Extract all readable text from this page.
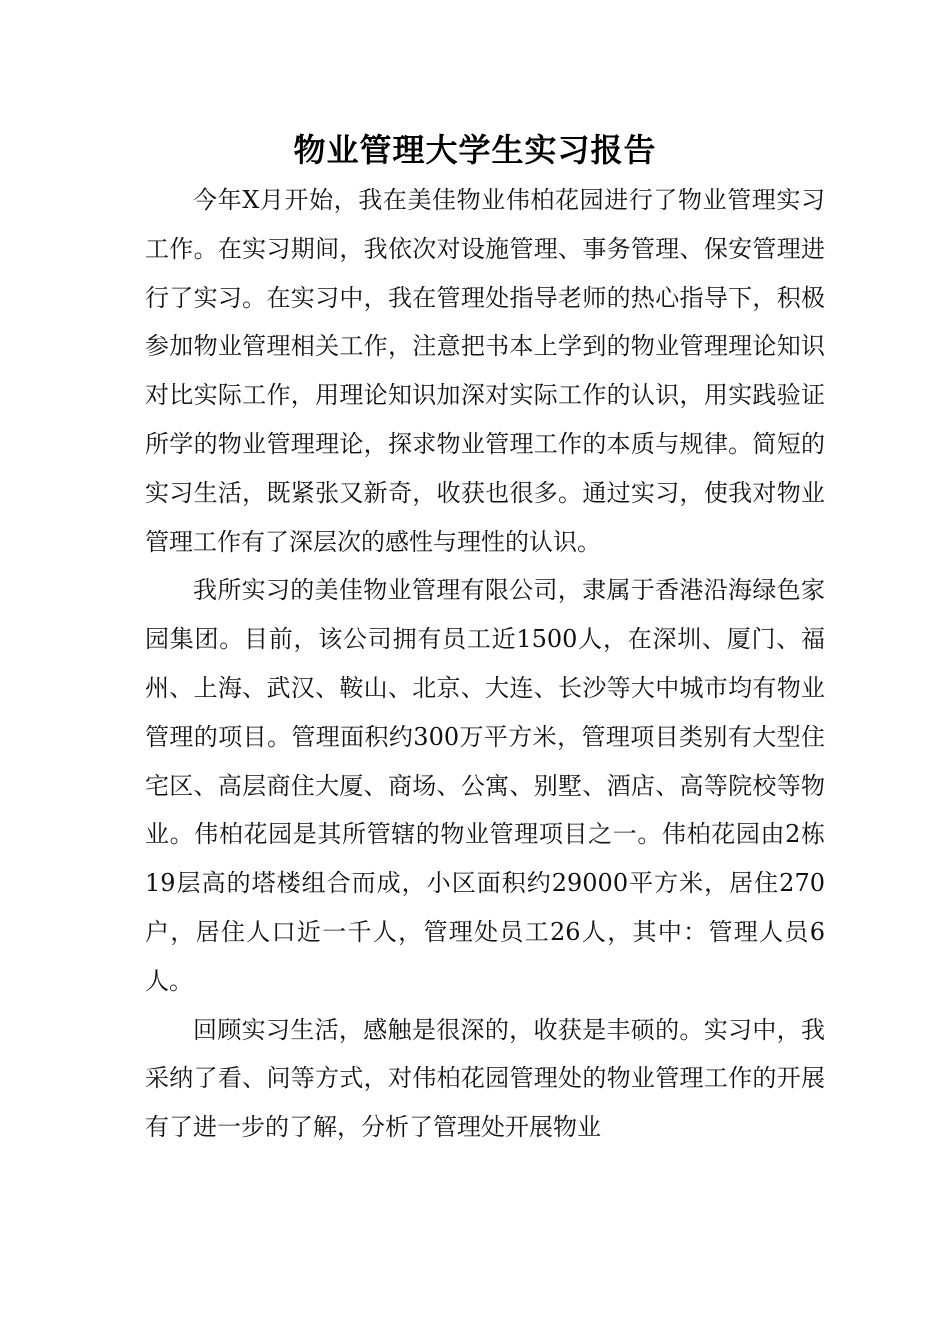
物业管理大学生实习报告

今年X月开始，我在美佳物业伟柏花园进行了物业管理实习工作。在实习期间，我依次对设施管理、事务管理、保安管理进行了实习。在实习中，我在管理处指导老师的热心指导下，积极参加物业管理相关工作，注意把书本上学到的物业管理理论知识对比实际工作，用理论知识加深对实际工作的认识，用实践验证所学的物业管理理论，探求物业管理工作的本质与规律。简短的实习生活，既紧张又新奇，收获也很多。通过实习，使我对物业管理工作有了深层次的感性与理性的认识。

我所实习的美佳物业管理有限公司，隶属于香港沿海绿色家园集团。目前，该公司拥有员工近1500人，在深圳、厦门、福州、上海、武汉、鞍山、北京、大连、长沙等大中城市均有物业管理的项目。管理面积约300万平方米，管理项目类别有大型住宅区、高层商住大厦、商场、公寓、别墅、酒店、高等院校等物业。伟柏花园是其所管辖的物业管理项目之一。伟柏花园由2栋19层高的塔楼组合而成，小区面积约29000平方米，居住270户，居住人口近一千人，管理处员工26人，其中：管理人员6人。

回顾实习生活，感触是很深的，收获是丰硕的。实习中，我采纳了看、问等方式，对伟柏花园管理处的物业管理工作的开展有了进一步的了解，分析了管理处开展物业
